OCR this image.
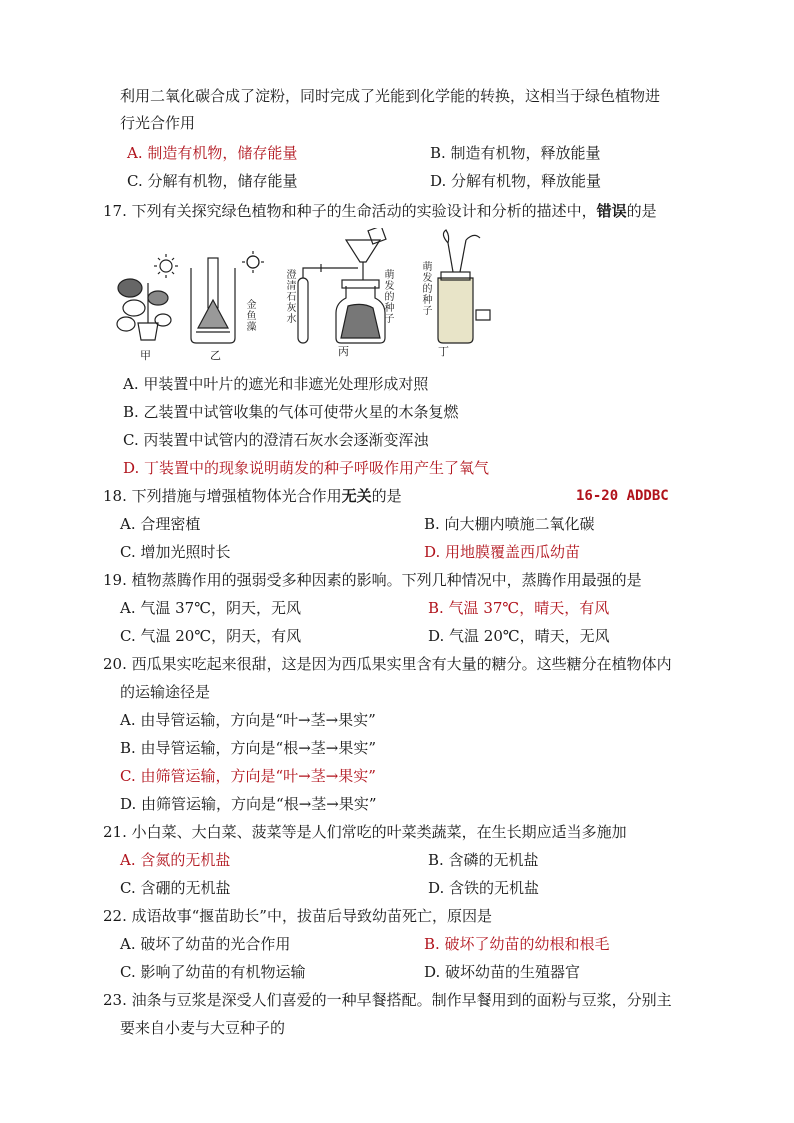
利用二氧化碳合成了淀粉，同时完成了光能到化学能的转换，这相当于绿色植物进
行光合作用
A. 制造有机物，储存能量	B. 制造有机物，释放能量
C. 分解有机物，储存能量	D. 分解有机物，释放能量
17. 下列有关探究绿色植物和种子的生命活动的实验设计和分析的描述中，错误的是
甲	乙	丙	丁
金鱼藻
澄清石灰水
萌发的种子
萌发的种子
A. 甲装置中叶片的遮光和非遮光处理形成对照
B. 乙装置中试管收集的气体可使带火星的木条复燃
C. 丙装置中试管内的澄清石灰水会逐渐变浑浊
D. 丁装置中的现象说明萌发的种子呼吸作用产生了氧气
18. 下列措施与增强植物体光合作用无关的是	16-20 ADDBC
A. 合理密植	B. 向大棚内喷施二氧化碳
C. 增加光照时长	D. 用地膜覆盖西瓜幼苗
19. 植物蒸腾作用的强弱受多种因素的影响。下列几种情况中，蒸腾作用最强的是
A. 气温 37℃，阴天，无风	B. 气温 37℃，晴天，有风
C. 气温 20℃，阴天，有风	D. 气温 20℃，晴天，无风
20. 西瓜果实吃起来很甜，这是因为西瓜果实里含有大量的糖分。这些糖分在植物体内
的运输途径是
A. 由导管运输，方向是“叶→茎→果实”
B. 由导管运输，方向是“根→茎→果实”
C. 由筛管运输，方向是“叶→茎→果实”
D. 由筛管运输，方向是“根→茎→果实”
21. 小白菜、大白菜、菠菜等是人们常吃的叶菜类蔬菜，在生长期应适当多施加
A. 含氮的无机盐	B. 含磷的无机盐
C. 含硼的无机盐	D. 含铁的无机盐
22. 成语故事“揠苗助长”中，拔苗后导致幼苗死亡，原因是
A. 破坏了幼苗的光合作用	B. 破坏了幼苗的幼根和根毛
C. 影响了幼苗的有机物运输	D. 破坏幼苗的生殖器官
23. 油条与豆浆是深受人们喜爱的一种早餐搭配。制作早餐用到的面粉与豆浆，分别主
要来自小麦与大豆种子的
